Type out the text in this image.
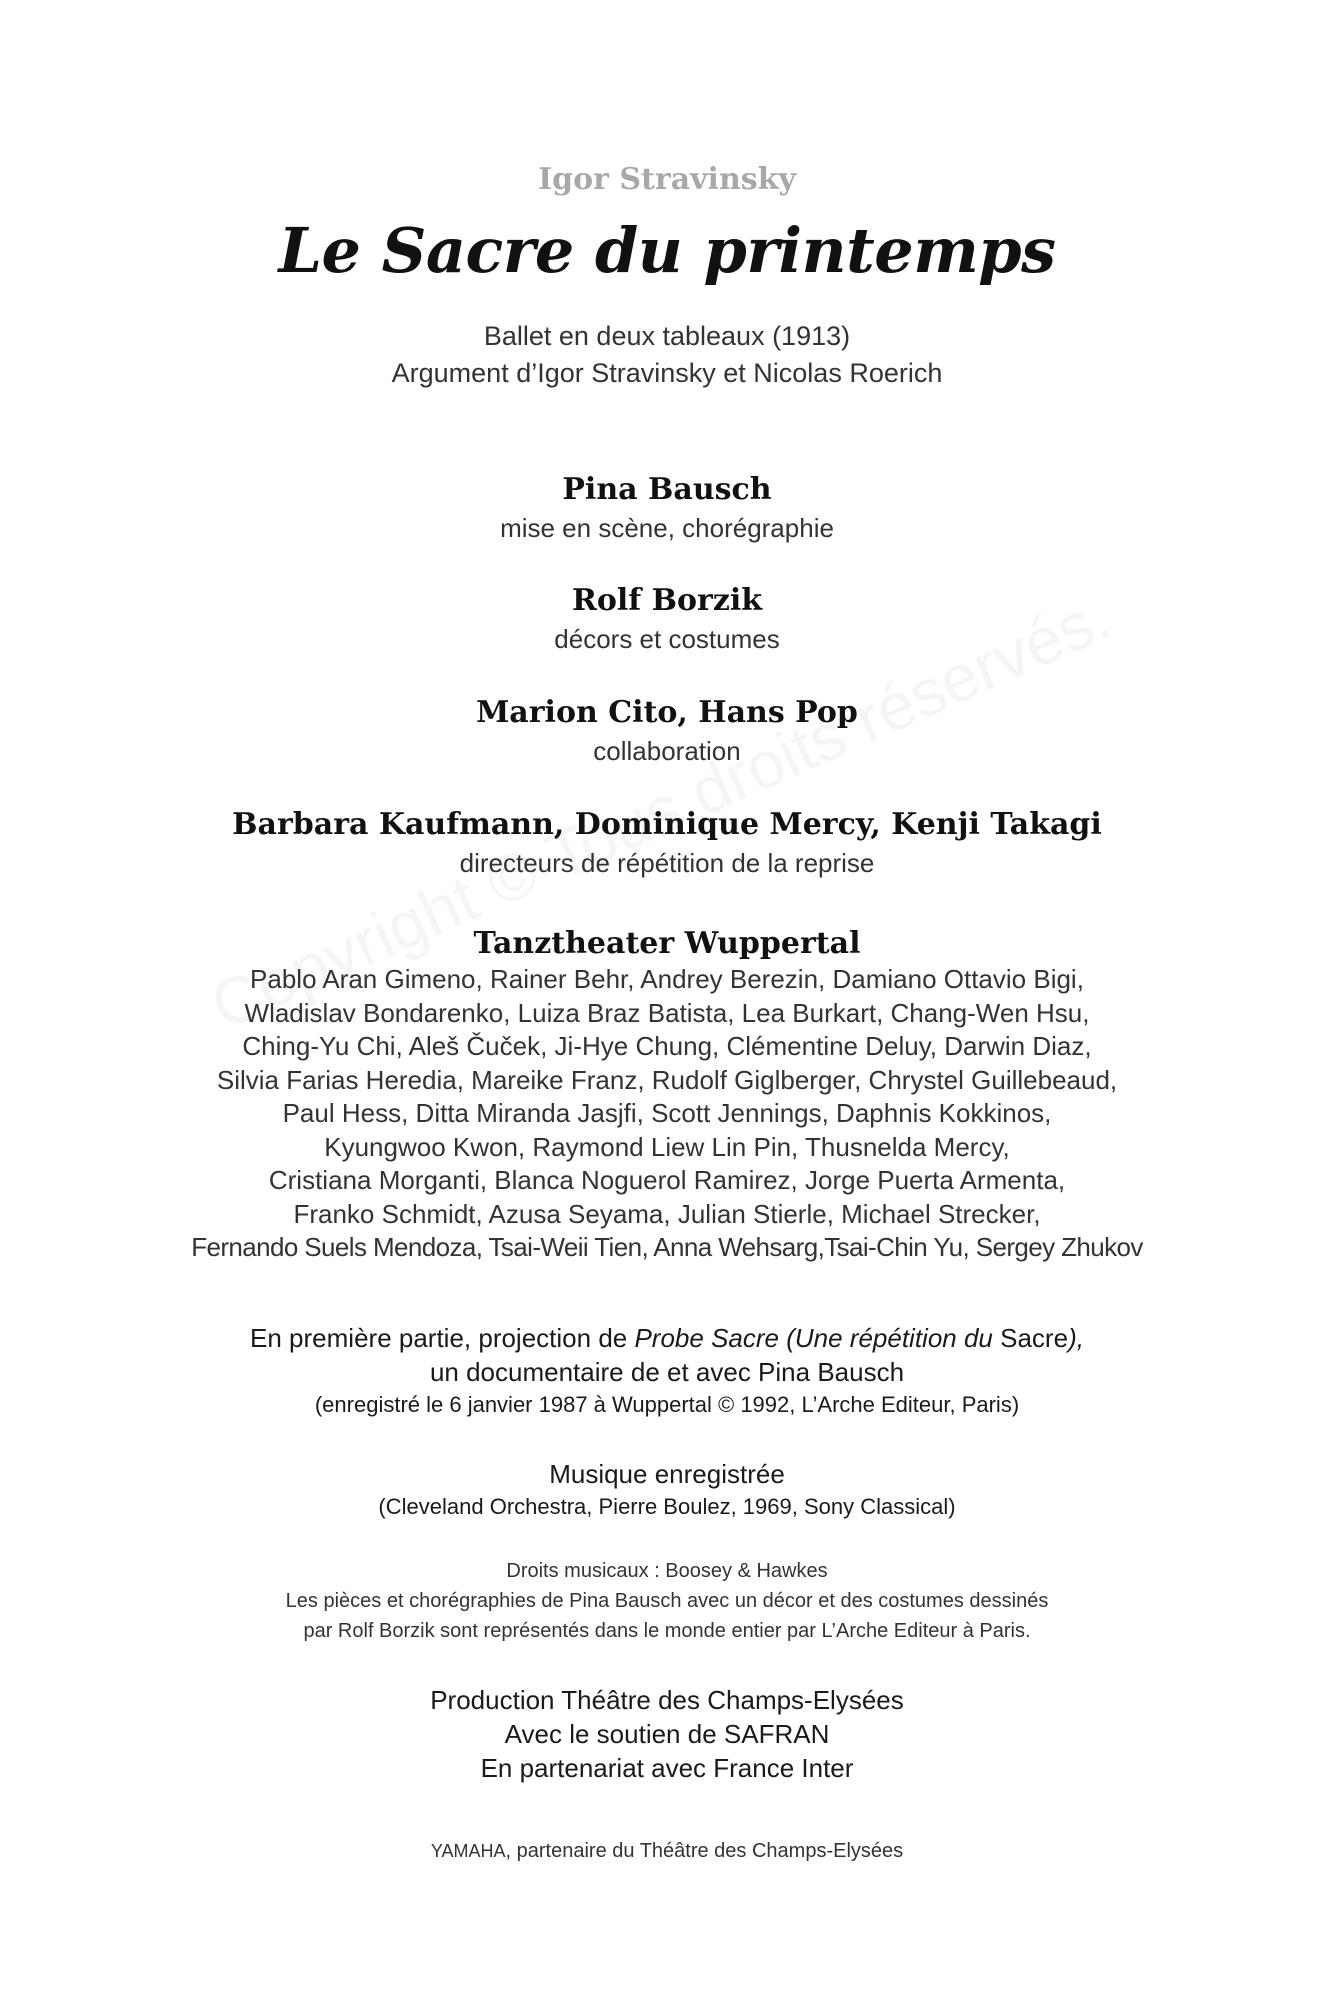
Igor Stravinsky
Le Sacre du printemps
Ballet en deux tableaux (1913)
Argument d’Igor Stravinsky et Nicolas Roerich
Pina Bausch
mise en scène, chorégraphie
Rolf Borzik
décors et costumes
Marion Cito, Hans Pop
collaboration
Barbara Kaufmann, Dominique Mercy, Kenji Takagi
directeurs de répétition de la reprise
Tanztheater Wuppertal
Pablo Aran Gimeno, Rainer Behr, Andrey Berezin, Damiano Ottavio Bigi,
Wladislav Bondarenko, Luiza Braz Batista, Lea Burkart, Chang-Wen Hsu,
Ching-Yu Chi, Aleš Čuček, Ji-Hye Chung, Clémentine Deluy, Darwin Diaz,
Silvia Farias Heredia, Mareike Franz, Rudolf Giglberger, Chrystel Guillebeaud,
Paul Hess, Ditta Miranda Jasjfi, Scott Jennings, Daphnis Kokkinos,
Kyungwoo Kwon, Raymond Liew Lin Pin, Thusnelda Mercy,
Cristiana Morganti, Blanca Noguerol Ramirez, Jorge Puerta Armenta,
Franko Schmidt, Azusa Seyama, Julian Stierle, Michael Strecker,
Fernando Suels Mendoza, Tsai-Weii Tien, Anna Wehsarg,Tsai-Chin Yu, Sergey Zhukov
En première partie, projection de Probe Sacre (Une répétition du Sacre),
un documentaire de et avec Pina Bausch
(enregistré le 6 janvier 1987 à Wuppertal © 1992, L’Arche Editeur, Paris)
Musique enregistrée
(Cleveland Orchestra, Pierre Boulez, 1969, Sony Classical)
Droits musicaux : Boosey & Hawkes
Les pièces et chorégraphies de Pina Bausch avec un décor et des costumes dessinés
par Rolf Borzik sont représentés dans le monde entier par L’Arche Editeur à Paris.
Production Théâtre des Champs-Elysées
Avec le soutien de SAFRAN
En partenariat avec France Inter
YAMAHA, partenaire du Théâtre des Champs-Elysées
